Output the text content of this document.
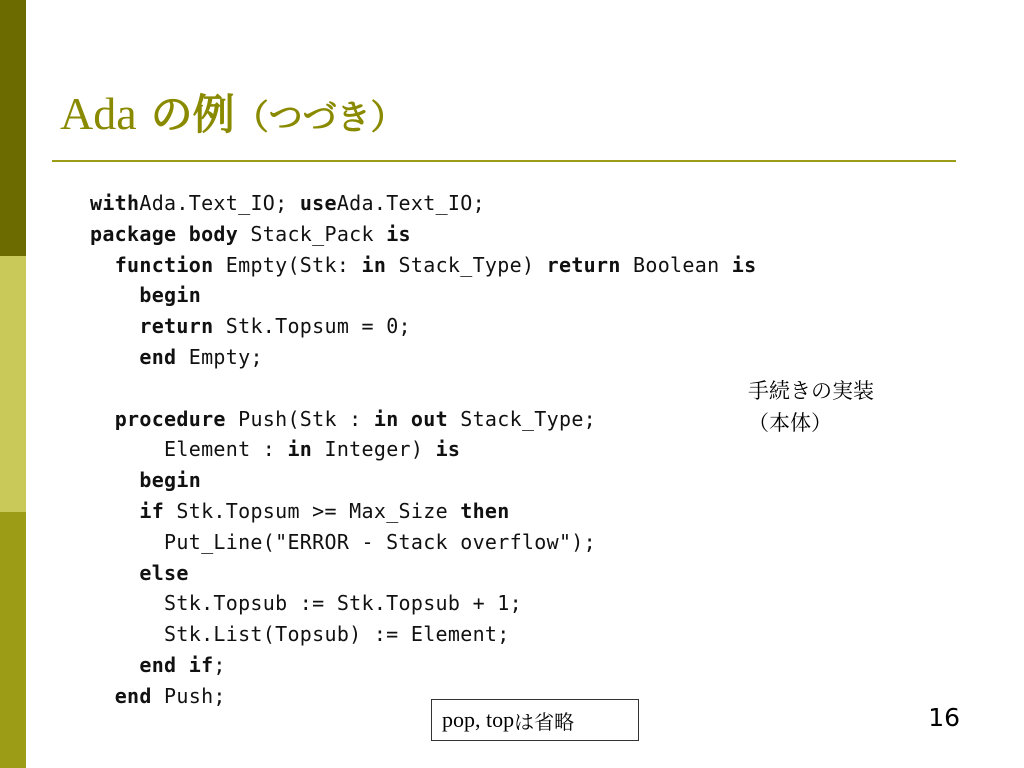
Ada の例（つづき）
withAda.Text_IO; useAda.Text_IO;
package body Stack_Pack is
function Empty(Stk: in Stack_Type) return Boolean is
begin
return Stk.Topsum = 0;
end Empty;
procedure Push(Stk : in out Stack_Type;
Element : in Integer) is
begin
if Stk.Topsum >= Max_Size then
Put_Line("ERROR - Stack overflow");
else
Stk.Topsub := Stk.Topsub + 1;
Stk.List(Topsub) := Element;
end if;
end Push;
手続きの実装
（本体）
pop, top は省略	16
